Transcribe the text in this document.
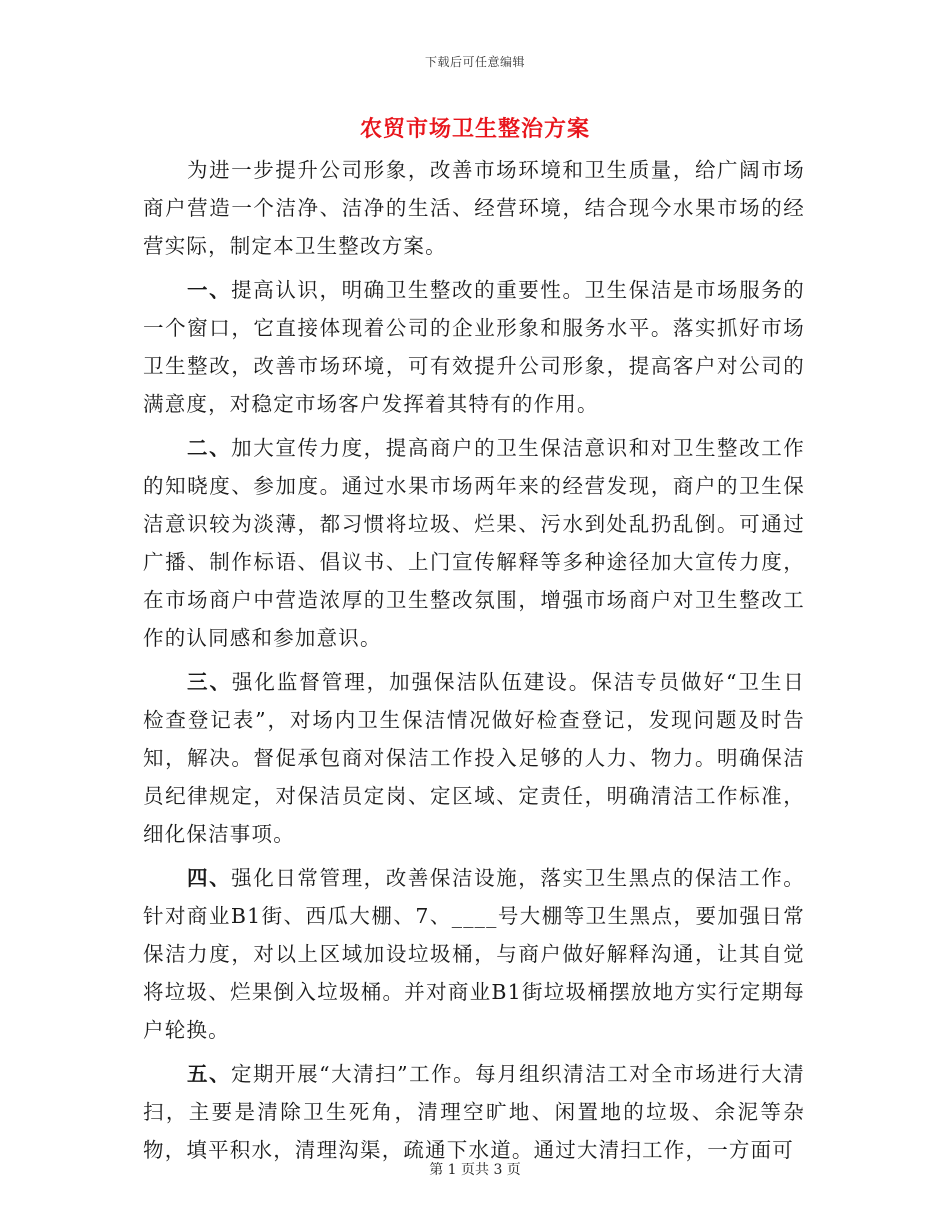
下载后可任意编辑
农贸市场卫生整治方案

为进一步提升公司形象，改善市场环境和卫生质量，给广阔市场商户营造一个洁净、洁净的生活、经营环境，结合现今水果市场的经营实际，制定本卫生整改方案。

一、提高认识，明确卫生整改的重要性。卫生保洁是市场服务的一个窗口，它直接体现着公司的企业形象和服务水平。落实抓好市场卫生整改，改善市场环境，可有效提升公司形象，提高客户对公司的满意度，对稳定市场客户发挥着其特有的作用。

二、加大宣传力度，提高商户的卫生保洁意识和对卫生整改工作的知晓度、参加度。通过水果市场两年来的经营发现，商户的卫生保洁意识较为淡薄，都习惯将垃圾、烂果、污水到处乱扔乱倒。可通过广播、制作标语、倡议书、上门宣传解释等多种途径加大宣传力度，在市场商户中营造浓厚的卫生整改氛围，增强市场商户对卫生整改工作的认同感和参加意识。

三、强化监督管理，加强保洁队伍建设。保洁专员做好“卫生日检查登记表”，对场内卫生保洁情况做好检查登记，发现问题及时告知，解决。督促承包商对保洁工作投入足够的人力、物力。明确保洁员纪律规定，对保洁员定岗、定区域、定责任，明确清洁工作标准，细化保洁事项。

四、强化日常管理，改善保洁设施，落实卫生黑点的保洁工作。针对商业B1街、西瓜大棚、7、____号大棚等卫生黑点，要加强日常保洁力度，对以上区域加设垃圾桶，与商户做好解释沟通，让其自觉将垃圾、烂果倒入垃圾桶。并对商业B1街垃圾桶摆放地方实行定期每户轮换。

五、定期开展“大清扫”工作。每月组织清洁工对全市场进行大清扫，主要是清除卫生死角，清理空旷地、闲置地的垃圾、余泥等杂物，填平积水，清理沟渠，疏通下水道。通过大清扫工作，一方面可

第 1 页共 3 页
